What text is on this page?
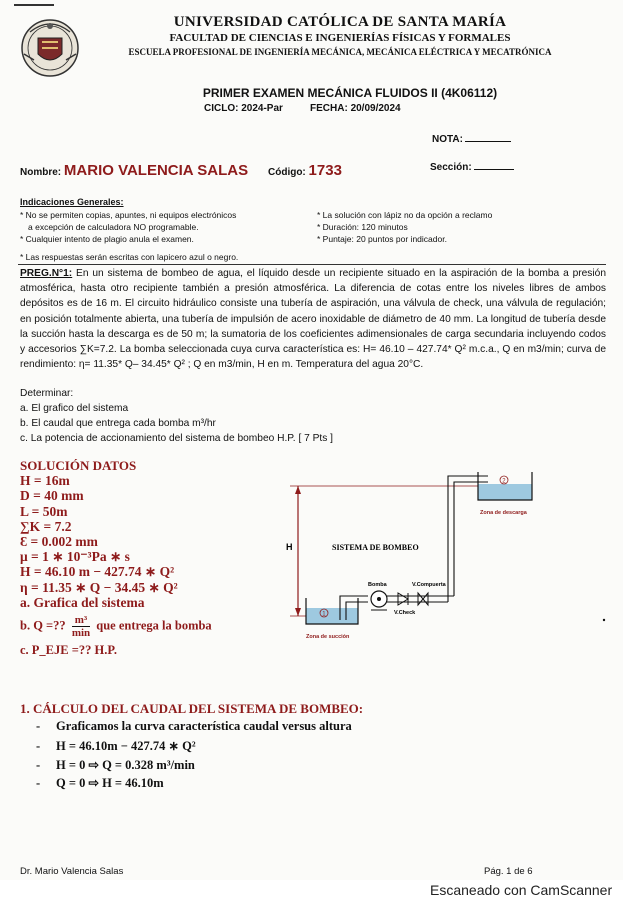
UNIVERSIDAD CATÓLICA DE SANTA MARÍA
FACULTAD DE CIENCIAS E INGENIERÍAS FÍSICAS Y FORMALES
ESCUELA PROFESIONAL DE INGENIERÍA MECÁNICA, MECÁNICA ELÉCTRICA Y MECATRÓNICA
PRIMER EXAMEN MECÁNICA FLUIDOS II (4K06112)
CICLO: 2024-Par	FECHA: 20/09/2024
NOTA:
Nombre: MARIO VALENCIA SALAS Código: 1733	Sección:
Indicaciones Generales:
* No se permiten copias, apuntes, ni equipos electrónicos
a excepción de calculadora NO programable.
* Cualquier intento de plagio anula el examen.
* La solución con lápiz no da opción a reclamo
* Duración: 120 minutos
* Puntaje: 20 puntos por indicador.
* Las respuestas serán escritas con lapicero azul o negro.
PREG.N°1: En un sistema de bombeo de agua, el líquido desde un recipiente situado en la aspiración de la bomba a presión atmosférica, hasta otro recipiente también a presión atmosférica. La diferencia de cotas entre los niveles libres de ambos depósitos es de 16 m. El circuito hidráulico consiste una tubería de aspiración, una válvula de check, una válvula de regulación; en posición totalmente abierta, una tubería de impulsión de acero inoxidable de diámetro de 40 mm. La longitud de tubería desde la succión hasta la descarga es de 50 m; la sumatoria de los coeficientes adimensionales de carga secundaria incluyendo codos y accesorios ∑K=7.2. La bomba seleccionada cuya curva característica es: H= 46.10 – 427.74* Q² m.c.a., Q en m3/min; curva de rendimiento: η= 11.35* Q– 34.45* Q² ; Q en m3/min, H en m. Temperatura del agua 20°C.
Determinar:
a. El grafico del sistema
b. El caudal que entrega cada bomba m³/hr
c. La potencia de accionamiento del sistema de bombeo H.P. [ 7 Pts ]
SOLUCIÓN DATOS
H = 16m
D = 40 mm
L = 50m
∑K = 7.2
Ɛ = 0.002 mm
μ = 1 ∗ 10⁻³Pa ∗ s
H = 46.10 m − 427.74 ∗ Q²
η = 11.35 ∗ Q − 34.45 ∗ Q²
a. Grafica del sistema
b. Q =?? $\frac{\text{m³}}{\min}$ que entrega la bomba
c. P_EJE =?? H.P.
H	SISTEMA DE BOMBEO
1
Zona de succión
Bomba
V.Check
V.Compuerta
2
Zona de descarga
1. CÁLCULO DEL CAUDAL DEL SISTEMA DE BOMBEO:
- Graficamos la curva característica caudal versus altura
- H = 46.10m − 427.74 ∗ Q²
- H = 0 ⇨ Q = 0.328 m³/min
- Q = 0 ⇨ H = 46.10m
Dr. Mario Valencia Salas	Pág. 1 de 6
Escaneado con CamScanner
